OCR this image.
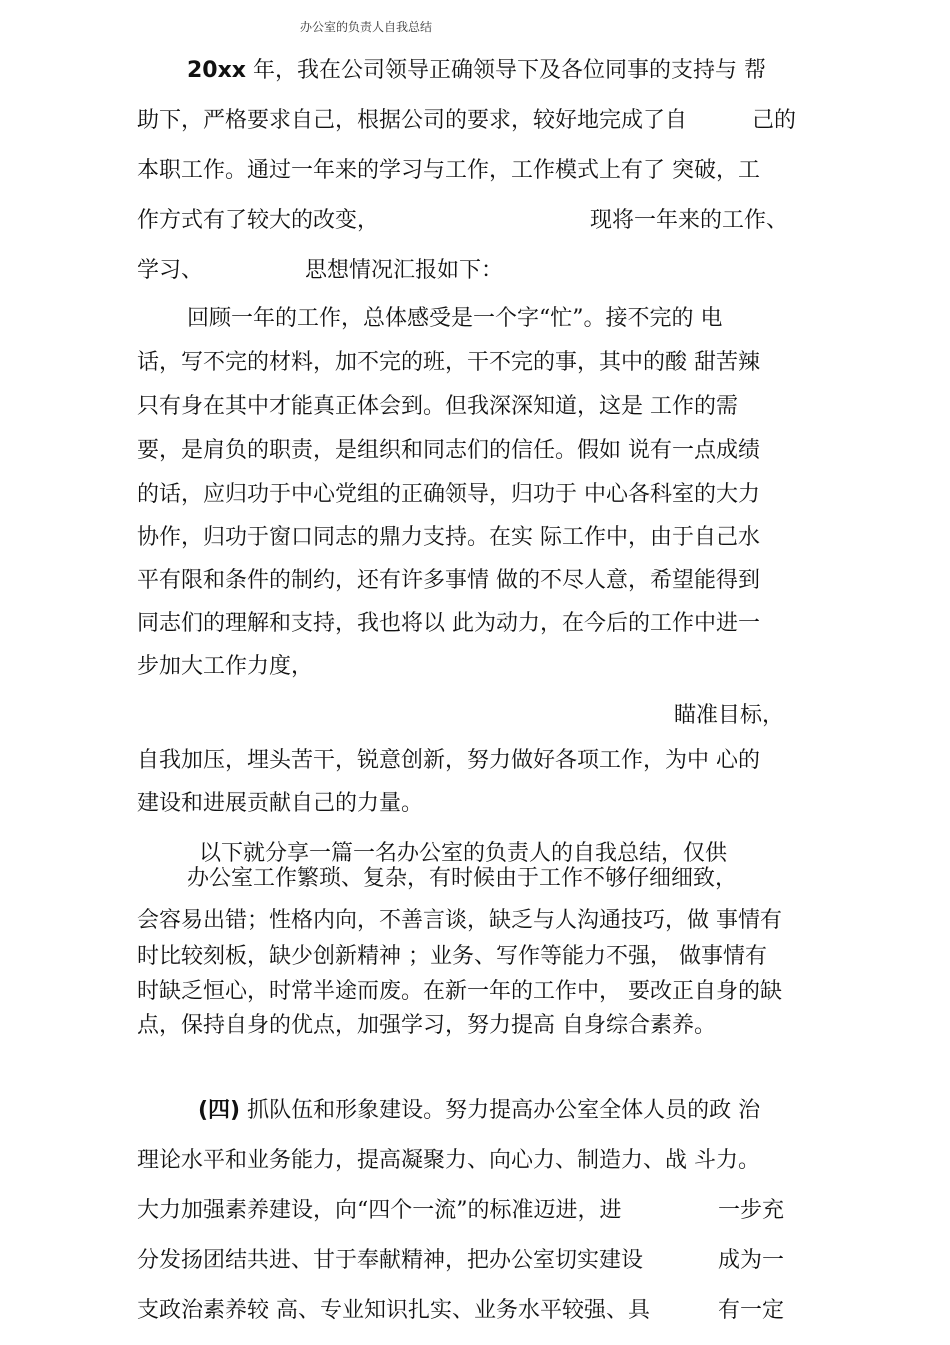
办公室的负责人自我总结
20xx 年，我在公司领导正确领导下及各位同事的支持与 帮
助下，严格要求自己，根据公司的要求，较好地完成了自	己的
本职工作。通过一年来的学习与工作，工作模式上有了 突破，工
作方式有了较大的改变，	现将一年来的工作、
学习、	思想情况汇报如下：
回顾一年的工作，总体感受是一个字“忙”。接不完的 电
话，写不完的材料，加不完的班，干不完的事，其中的酸 甜苦辣
只有身在其中才能真正体会到。但我深深知道，这是 工作的需
要，是肩负的职责，是组织和同志们的信任。假如 说有一点成绩
的话，应归功于中心党组的正确领导，归功于 中心各科室的大力
协作，归功于窗口同志的鼎力支持。在实 际工作中，由于自己水
平有限和条件的制约，还有许多事情 做的不尽人意，希望能得到
同志们的理解和支持，我也将以 此为动力，在今后的工作中进一
步加大工作力度，
瞄准目标，
自我加压，埋头苦干，锐意创新，努力做好各项工作，为中 心的
建设和进展贡献自己的力量。
以下就分享一篇一名办公室的负责人的自我总结，仅供
办公室工作繁琐、复杂，有时候由于工作不够仔细细致，
会容易出错；性格内向，不善言谈，缺乏与人沟通技巧，做 事情有
时比较刻板，缺少创新精神 ；业务、写作等能力不强， 做事情有
时缺乏恒心，时常半途而废。在新一年的工作中， 要改正自身的缺
点，保持自身的优点，加强学习，努力提高 自身综合素养。
(四) 抓队伍和形象建设。努力提高办公室全体人员的政 治
理论水平和业务能力，提高凝聚力、向心力、制造力、战 斗力。
大力加强素养建设，向“四个一流”的标准迈进，进	一步充
分发扬团结共进、甘于奉献精神，把办公室切实建设	成为一
支政治素养较 高、专业知识扎实、业务水平较强、具	有一定
